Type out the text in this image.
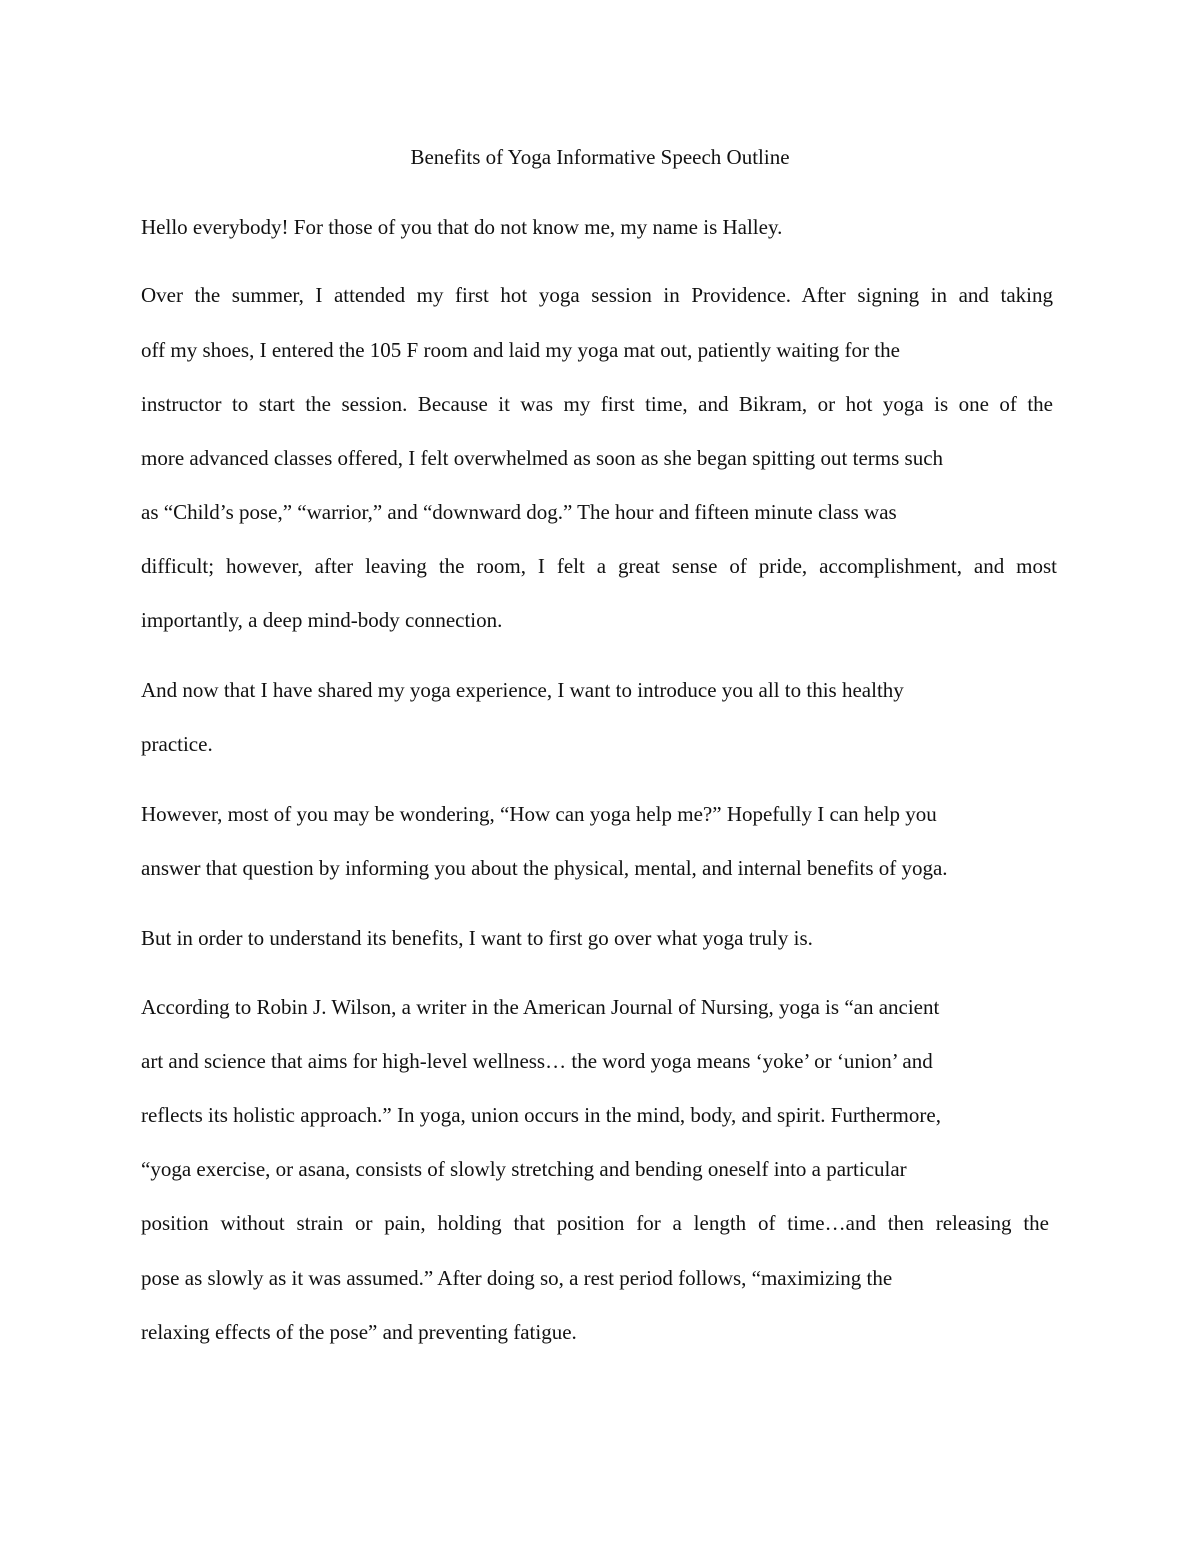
Benefits of Yoga Informative Speech Outline

Hello everybody! For those of you that do not know me, my name is Halley.

Over the summer, I attended my first hot yoga session in Providence. After signing in and taking

off my shoes, I entered the 105 F room and laid my yoga mat out, patiently waiting for the

instructor to start the session. Because it was my first time, and Bikram, or hot yoga is one of the

more advanced classes offered, I felt overwhelmed as soon as she began spitting out terms such

as “Child’s pose,” “warrior,” and “downward dog.” The hour and fifteen minute class was

difficult; however, after leaving the room, I felt a great sense of pride, accomplishment, and most

importantly, a deep mind-body connection.

And now that I have shared my yoga experience, I want to introduce you all to this healthy

practice.

However, most of you may be wondering, “How can yoga help me?” Hopefully I can help you

answer that question by informing you about the physical, mental, and internal benefits of yoga.

But in order to understand its benefits, I want to first go over what yoga truly is.

According to Robin J. Wilson, a writer in the American Journal of Nursing, yoga is “an ancient

art and science that aims for high-level wellness… the word yoga means ‘yoke’ or ‘union’ and

reflects its holistic approach.” In yoga, union occurs in the mind, body, and spirit. Furthermore,

“yoga exercise, or asana, consists of slowly stretching and bending oneself into a particular

position without strain or pain, holding that position for a length of time…and then releasing the

pose as slowly as it was assumed.” After doing so, a rest period follows, “maximizing the

relaxing effects of the pose” and preventing fatigue.
